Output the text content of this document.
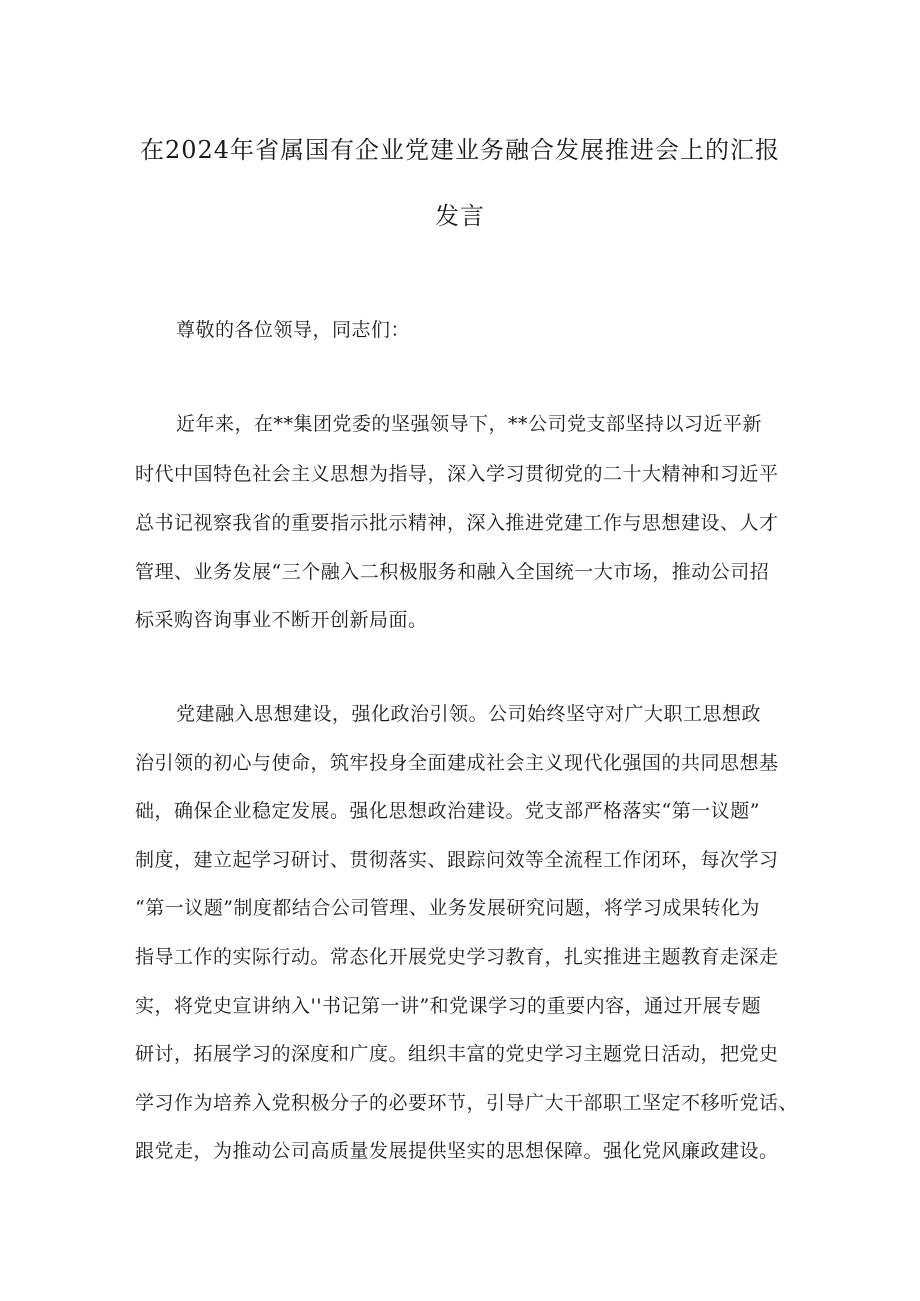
在2024年省属国有企业党建业务融合发展推进会上的汇报
发言
尊敬的各位领导，同志们：
近年来，在**集团党委的坚强领导下，**公司党支部坚持以习近平新
时代中国特色社会主义思想为指导，深入学习贯彻党的二十大精神和习近平
总书记视察我省的重要指示批示精神，深入推进党建工作与思想建设、人才
管理、业务发展“三个融入二积极服务和融入全国统一大市场，推动公司招
标采购咨询事业不断开创新局面。
党建融入思想建设，强化政治引领。公司始终坚守对广大职工思想政
治引领的初心与使命，筑牢投身全面建成社会主义现代化强国的共同思想基
础，确保企业稳定发展。强化思想政治建设。党支部严格落实“第一议题”
制度，建立起学习研讨、贯彻落实、跟踪问效等全流程工作闭环，每次学习
“第一议题”制度都结合公司管理、业务发展研究问题，将学习成果转化为
指导工作的实际行动。常态化开展党史学习教育，扎实推进主题教育走深走
实，将党史宣讲纳入''书记第一讲”和党课学习的重要内容，通过开展专题
研讨，拓展学习的深度和广度。组织丰富的党史学习主题党日活动，把党史
学习作为培养入党积极分子的必要环节，引导广大干部职工坚定不移听党话、
跟党走，为推动公司高质量发展提供坚实的思想保障。强化党风廉政建设。
